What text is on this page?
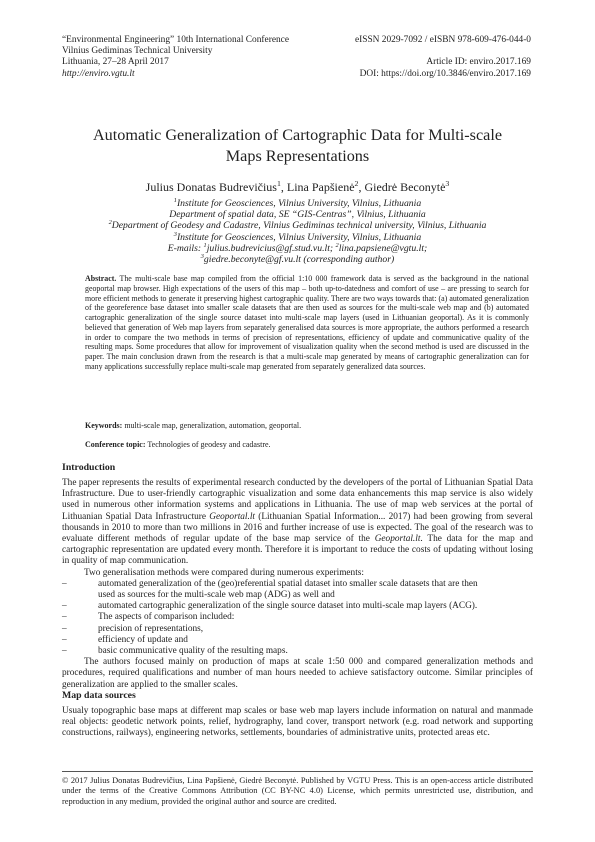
“Environmental Engineering” 10th International Conference
Vilnius Gediminas Technical University
Lithuania, 27–28 April 2017
http://enviro.vgtu.lt
eISSN 2029-7092 / eISBN 978-609-476-044-0
Article ID: enviro.2017.169
DOI: https://doi.org/10.3846/enviro.2017.169
Automatic Generalization of Cartographic Data for Multi-scale
Maps Representations
Julius Donatas Budrevičius$^1$, Lina Papšienė$^2$, Giedrė Beconytė$^3$
$^1$Institute for Geosciences, Vilnius University, Vilnius, Lithuania
Department of spatial data, SE “GIS-Centras”, Vilnius, Lithuania
$^2$Department of Geodesy and Cadastre, Vilnius Gediminas technical university, Vilnius, Lithuania
$^3$Institute for Geosciences, Vilnius University, Vilnius, Lithuania
E-mails: $^1$julius.budrevicius@gf.stud.vu.lt; $^2$lina.papsiene@vgtu.lt;
$^3$giedre.beconyte@gf.vu.lt (corresponding author)
Abstract. The multi-scale base map compiled from the official 1:10 000 framework data is served as the background in the national geoportal map browser. High expectations of the users of this map – both up-to-datedness and comfort of use – are pressing to search for more efficient methods to generate it preserving highest cartographic quality. There are two ways towards that: (a) automated generalization of the georeference base dataset into smaller scale datasets that are then used as sources for the multi-scale web map and (b) automated cartographic generalization of the single source dataset into multi-scale map layers (used in Lithuanian geoportal). As it is commonly believed that generation of Web map layers from separately generalised data sources is more appropriate, the authors performed a research in order to compare the two methods in terms of precision of representations, efficiency of update and communicative quality of the resulting maps. Some procedures that allow for improvement of visualization quality when the second method is used are discussed in the paper. The main conclusion drawn from the research is that a multi-scale map generated by means of cartographic generalization can for many applications successfully replace multi-scale map generated from separately generalized data sources.
Keywords: multi-scale map, generalization, automation, geoportal.
Conference topic: Technologies of geodesy and cadastre.
Introduction

The paper represents the results of experimental research conducted by the developers of the portal of Lithuanian Spatial Data Infrastructure. Due to user-friendly cartographic visualization and some data enhancements this map service is also widely used in numerous other information systems and applications in Lithuania. The use of map web services at the portal of Lithuanian Spatial Data Infrastructure Geoportal.lt (Lithuanian Spatial Information... 2017) had been growing from several thousands in 2010 to more than two millions in 2016 and further increase of use is expected. The goal of the research was to evaluate different methods of regular update of the base map service of the Geoportal.lt. The data for the map and cartographic representation are updated every month. Therefore it is important to reduce the costs of updating without losing in quality of map communication.

Two generalisation methods were compared during numerous experiments:

–	automated generalization of the (geo)referential spatial dataset into smaller scale datasets that are then
used as sources for the multi-scale web map (ADG) as well and
–	automated cartographic generalization of the single source dataset into multi-scale map layers (ACG).
–	The aspects of comparison included:
–	precision of representations,
–	efficiency of update and
–	basic communicative quality of the resulting maps.

The authors focused mainly on production of maps at scale 1:50 000 and compared generalization methods and procedures, required qualifications and number of man hours needed to achieve satisfactory outcome. Similar principles of generalization are applied to the smaller scales.

Map data sources

Usualy topographic base maps at different map scales or base web map layers include information on natural and manmade real objects: geodetic network points, relief, hydrography, land cover, transport network (e.g. road network and supporting constructions, railways), engineering networks, settlements, boundaries of administrative units, protected areas etc.

© 2017 Julius Donatas Budrevičius, Lina Papšienė, Giedrė Beconytė. Published by VGTU Press. This is an open-access article distributed under the terms of the Creative Commons Attribution (CC BY-NC 4.0) License, which permits unrestricted use, distribution, and reproduction in any medium, provided the original author and source are credited.
